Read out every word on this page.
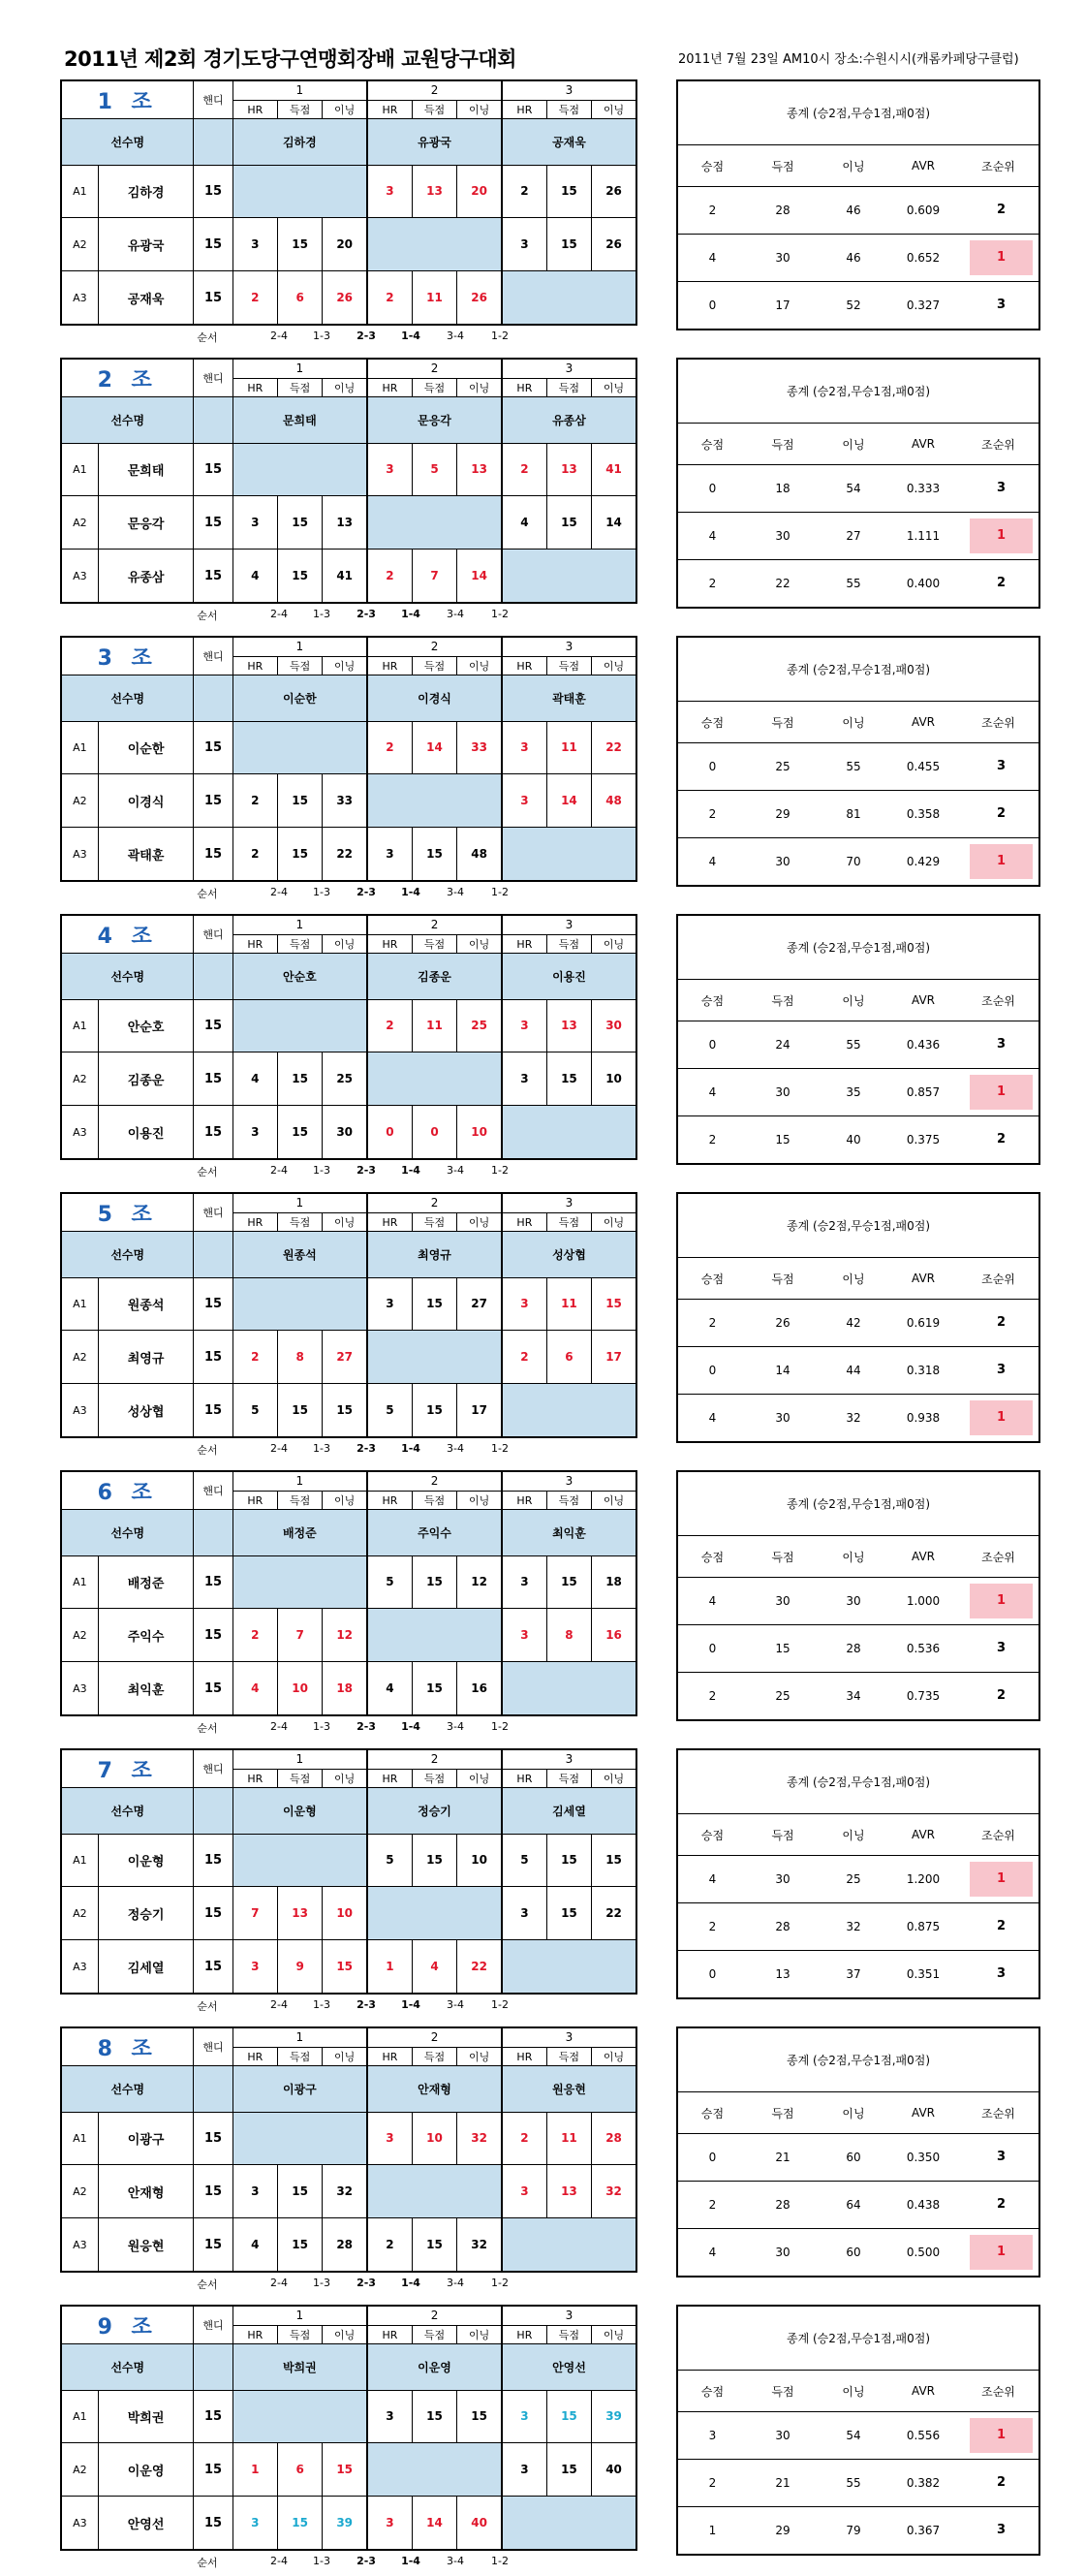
2011년 제2회 경기도당구연맹회장배 교원당구대회	2011년 7월 23일 AM10시 장소:수원시시(캐롬카페당구클럽)
1 조		핸디	1			2			3		
			HR	득점	이닝	HR	득점	이닝	HR	득점	이닝
선수명			김하경			유광국			공재욱		
A1	김하경	15				3	13	20	2	15	26
A2	유광국	15	3	15	20				3	15	26
A3	공재욱	15	2	6	26	2	11	26			
순서	2-4	1-3	2-3	1-4	3-4	1-2
종계 (승2점,무승1점,패0점)				
승점	득점	이닝	AVR	조순위
2	28	46	0.609	2

4	30	46	0.652	1

0	17	52	0.327	3
2 조		핸디	1			2			3		
			HR	득점	이닝	HR	득점	이닝	HR	득점	이닝
선수명			문희태			문응각			유종삼		
A1	문희태	15				3	5	13	2	13	41
A2	문응각	15	3	15	13				4	15	14
A3	유종삼	15	4	15	41	2	7	14			
순서	2-4	1-3	2-3	1-4	3-4	1-2
종계 (승2점,무승1점,패0점)				
승점	득점	이닝	AVR	조순위
0	18	54	0.333	3

4	30	27	1.111	1

2	22	55	0.400	2
3 조		핸디	1			2			3		
			HR	득점	이닝	HR	득점	이닝	HR	득점	이닝
선수명			이순한			이경식			곽태훈		
A1	이순한	15				2	14	33	3	11	22
A2	이경식	15	2	15	33				3	14	48
A3	곽태훈	15	2	15	22	3	15	48			
순서	2-4	1-3	2-3	1-4	3-4	1-2
종계 (승2점,무승1점,패0점)				
승점	득점	이닝	AVR	조순위
0	25	55	0.455	3

2	29	81	0.358	2

4	30	70	0.429	1
4 조		핸디	1			2			3		
			HR	득점	이닝	HR	득점	이닝	HR	득점	이닝
선수명			안순호			김종운			이용진		
A1	안순호	15				2	11	25	3	13	30
A2	김종운	15	4	15	25				3	15	10
A3	이용진	15	3	15	30	0	0	10			
순서	2-4	1-3	2-3	1-4	3-4	1-2
종계 (승2점,무승1점,패0점)				
승점	득점	이닝	AVR	조순위
0	24	55	0.436	3

4	30	35	0.857	1

2	15	40	0.375	2
5 조		핸디	1			2			3		
			HR	득점	이닝	HR	득점	이닝	HR	득점	이닝
선수명			원종석			최영규			성상협		
A1	원종석	15				3	15	27	3	11	15
A2	최영규	15	2	8	27				2	6	17
A3	성상협	15	5	15	15	5	15	17			
순서	2-4	1-3	2-3	1-4	3-4	1-2
종계 (승2점,무승1점,패0점)				
승점	득점	이닝	AVR	조순위
2	26	42	0.619	2

0	14	44	0.318	3

4	30	32	0.938	1
6 조		핸디	1			2			3		
			HR	득점	이닝	HR	득점	이닝	HR	득점	이닝
선수명			배정준			주익수			최익훈		
A1	배정준	15				5	15	12	3	15	18
A2	주익수	15	2	7	12				3	8	16
A3	최익훈	15	4	10	18	4	15	16			
순서	2-4	1-3	2-3	1-4	3-4	1-2
종계 (승2점,무승1점,패0점)				
승점	득점	이닝	AVR	조순위
4	30	30	1.000	1

0	15	28	0.536	3

2	25	34	0.735	2
7 조		핸디	1			2			3		
			HR	득점	이닝	HR	득점	이닝	HR	득점	이닝
선수명			이운형			정승기			김세열		
A1	이운형	15				5	15	10	5	15	15
A2	정승기	15	7	13	10				3	15	22
A3	김세열	15	3	9	15	1	4	22			
순서	2-4	1-3	2-3	1-4	3-4	1-2
종계 (승2점,무승1점,패0점)				
승점	득점	이닝	AVR	조순위
4	30	25	1.200	1

2	28	32	0.875	2

0	13	37	0.351	3
8 조		핸디	1			2			3		
			HR	득점	이닝	HR	득점	이닝	HR	득점	이닝
선수명			이광구			안재형			원응현		
A1	이광구	15				3	10	32	2	11	28
A2	안재형	15	3	15	32				3	13	32
A3	원응현	15	4	15	28	2	15	32			
순서	2-4	1-3	2-3	1-4	3-4	1-2
종계 (승2점,무승1점,패0점)				
승점	득점	이닝	AVR	조순위
0	21	60	0.350	3

2	28	64	0.438	2

4	30	60	0.500	1
9 조		핸디	1			2			3		
			HR	득점	이닝	HR	득점	이닝	HR	득점	이닝
선수명			박희권			이운영			안영선		
A1	박희권	15				3	15	15	3	15	39
A2	이운영	15	1	6	15				3	15	40
A3	안영선	15	3	15	39	3	14	40			
순서	2-4	1-3	2-3	1-4	3-4	1-2
종계 (승2점,무승1점,패0점)				
승점	득점	이닝	AVR	조순위
3	30	54	0.556	1

2	21	55	0.382	2

1	29	79	0.367	3
